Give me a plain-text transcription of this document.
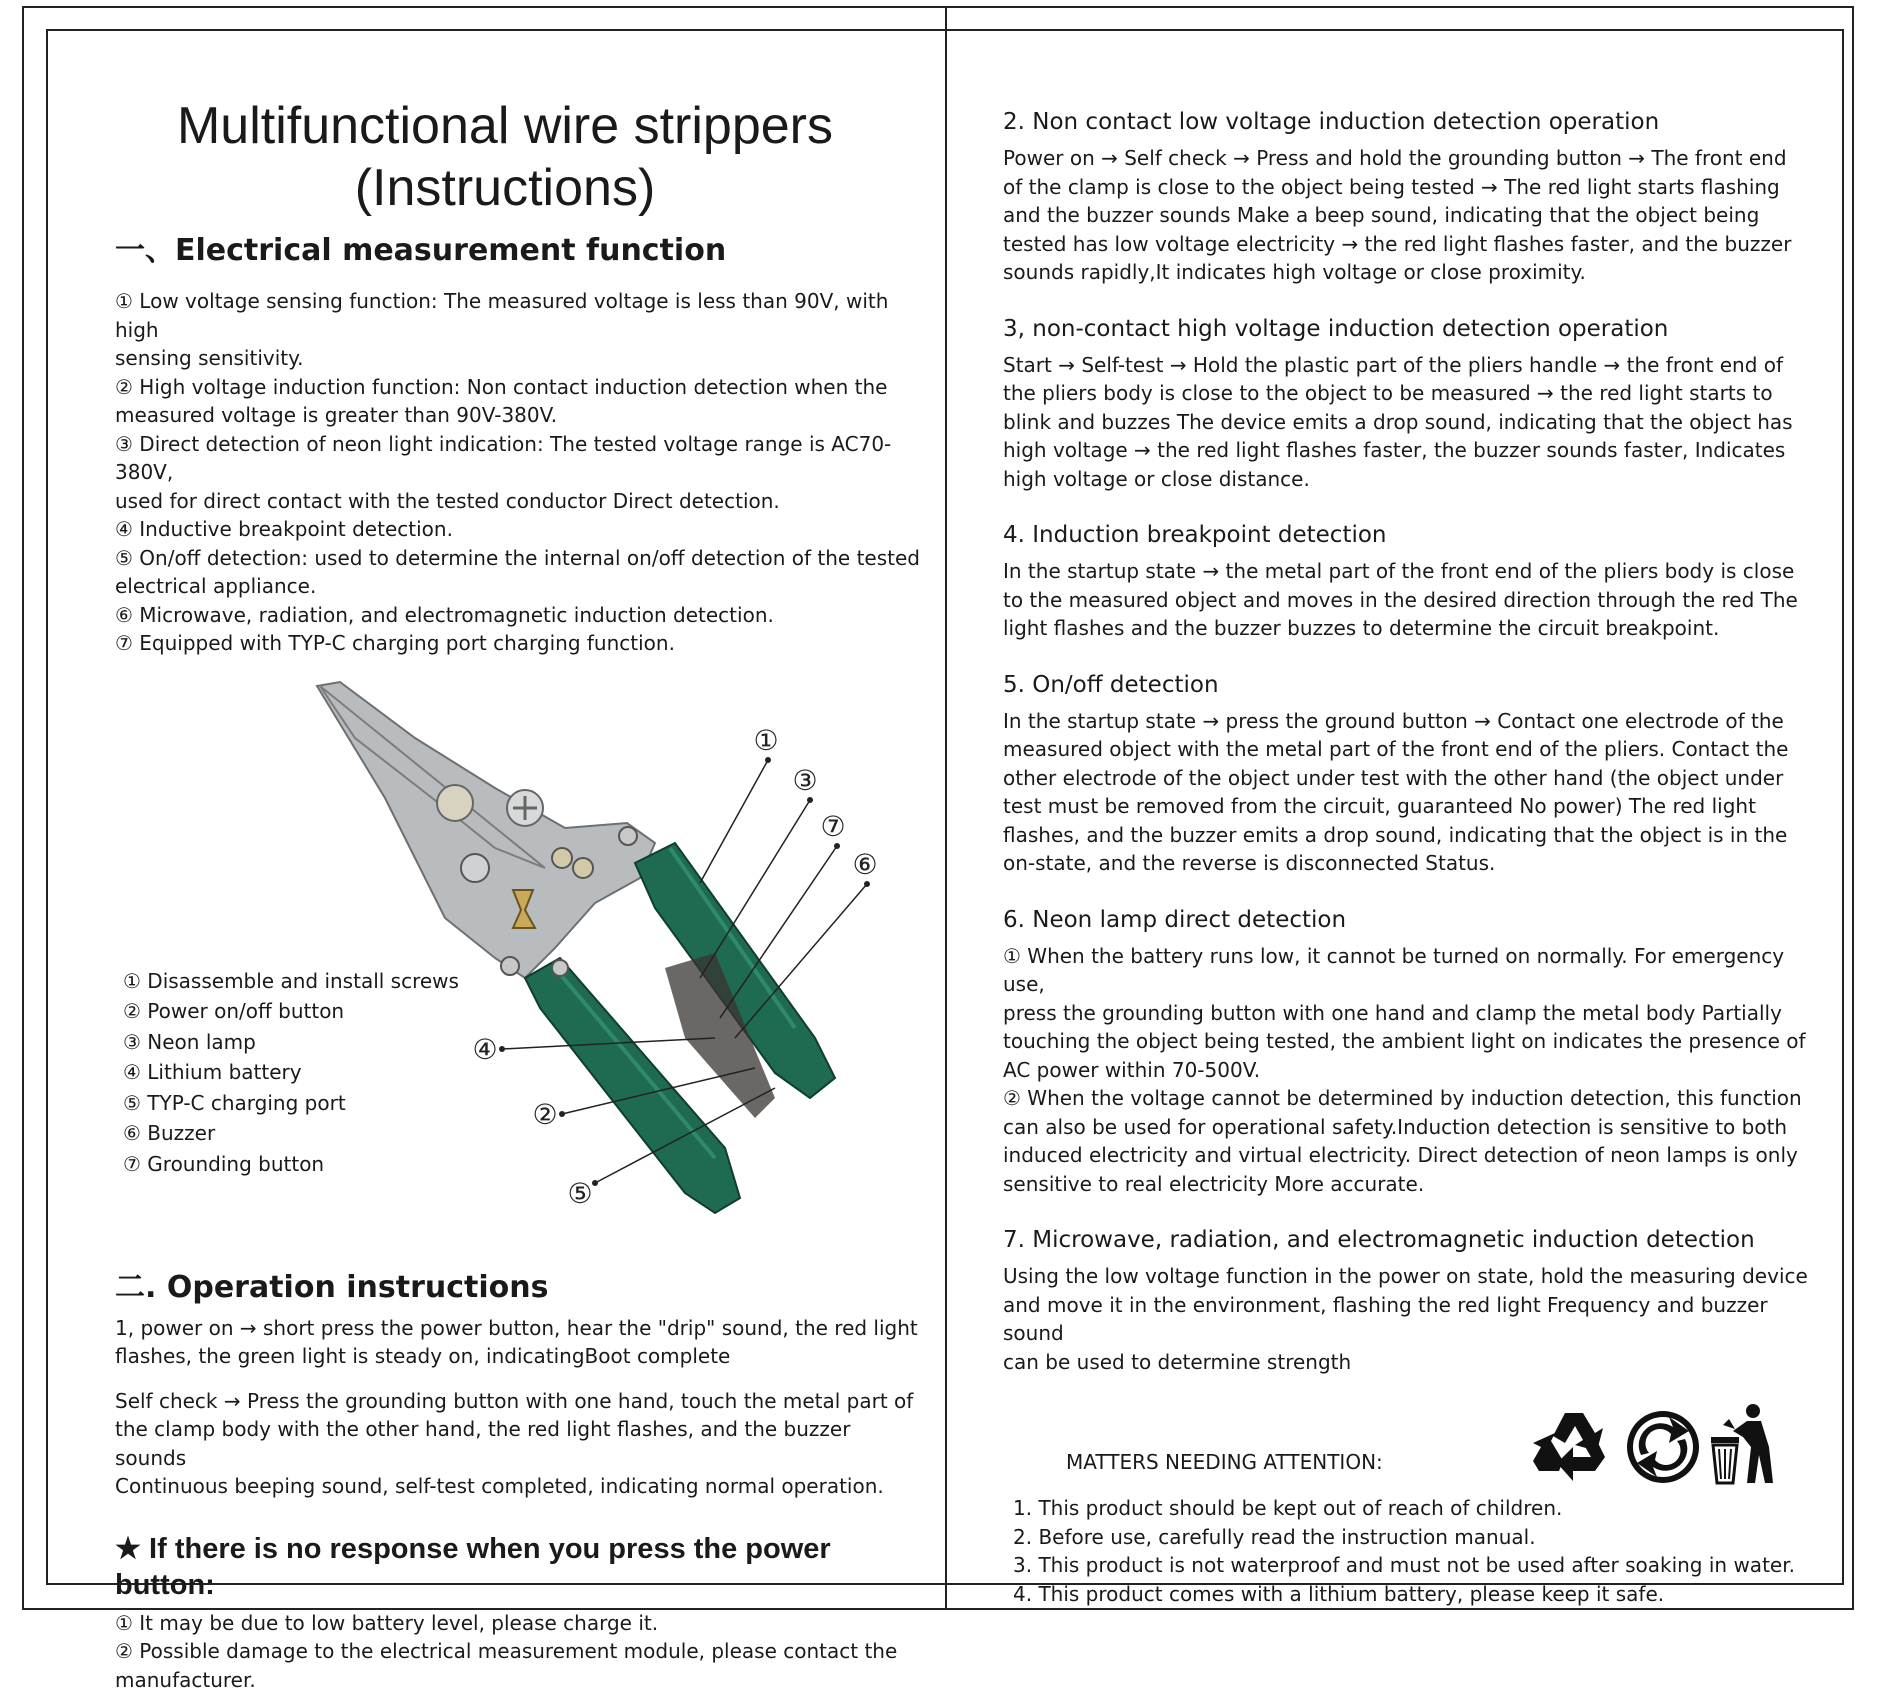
Multifunctional wire strippers
(Instructions)
一、Electrical measurement function

① Low voltage sensing function: The measured voltage is less than 90V, with high

sensing sensitivity.

② High voltage induction function: Non contact induction detection when the

measured voltage is greater than 90V-380V.

③ Direct detection of neon light indication: The tested voltage range is AC70-380V,

used for direct contact with the tested conductor Direct detection.

④ Inductive breakpoint detection.

⑤ On/off detection: used to determine the internal on/off detection of the tested

electrical appliance.

⑥ Microwave, radiation, and electromagnetic induction detection.

⑦ Equipped with TYP-C charging port charging function.

①
③
⑦
⑥
④
②
⑤

① Disassemble and install screws

② Power on/off button

③ Neon lamp

④ Lithium battery

⑤ TYP-C charging port

⑥ Buzzer

⑦ Grounding button

二. Operation instructions

1, power on → short press the power button, hear the "drip" sound, the red light

flashes, the green light is steady on, indicatingBoot complete

Self check → Press the grounding button with one hand, touch the metal part of

the clamp body with the other hand, the red light flashes, and the buzzer sounds

Continuous beeping sound, self-test completed, indicating normal operation.

★ If there is no response when you press the power button:

① It may be due to low battery level, please charge it.

② Possible damage to the electrical measurement module, please contact the

manufacturer.

2. Non contact low voltage induction detection operation

Power on → Self check → Press and hold the grounding button → The front end

of the clamp is close to the object being tested → The red light starts flashing

and the buzzer sounds Make a beep sound, indicating that the object being

tested has low voltage electricity → the red light flashes faster, and the buzzer

sounds rapidly,It indicates high voltage or close proximity.

3, non-contact high voltage induction detection operation

Start → Self-test → Hold the plastic part of the pliers handle → the front end of

the pliers body is close to the object to be measured → the red light starts to

blink and buzzes The device emits a drop sound, indicating that the object has

high voltage → the red light flashes faster, the buzzer sounds faster, Indicates

high voltage or close distance.

4. Induction breakpoint detection

In the startup state → the metal part of the front end of the pliers body is close

to the measured object and moves in the desired direction through the red The

light flashes and the buzzer buzzes to determine the circuit breakpoint.

5. On/off detection

In the startup state → press the ground button → Contact one electrode of the

measured object with the metal part of the front end of the pliers. Contact the

other electrode of the object under test with the other hand (the object under

test must be removed from the circuit, guaranteed No power) The red light

flashes, and the buzzer emits a drop sound, indicating that the object is in the

on-state, and the reverse is disconnected Status.

6. Neon lamp direct detection

① When the battery runs low, it cannot be turned on normally. For emergency use,

press the grounding button with one hand and clamp the metal body Partially

touching the object being tested, the ambient light on indicates the presence of

AC power within 70-500V.

② When the voltage cannot be determined by induction detection, this function

can also be used for operational safety.Induction detection is sensitive to both

induced electricity and virtual electricity. Direct detection of neon lamps is only

sensitive to real electricity More accurate.

7. Microwave, radiation, and electromagnetic induction detection

Using the low voltage function in the power on state, hold the measuring device

and move it in the environment, flashing the red light Frequency and buzzer sound

can be used to determine strength

MATTERS NEEDING ATTENTION:

1. This product should be kept out of reach of children.

2. Before use, carefully read the instruction manual.

3. This product is not waterproof and must not be used after soaking in water.

4. This product comes with a lithium battery, please keep it safe.
